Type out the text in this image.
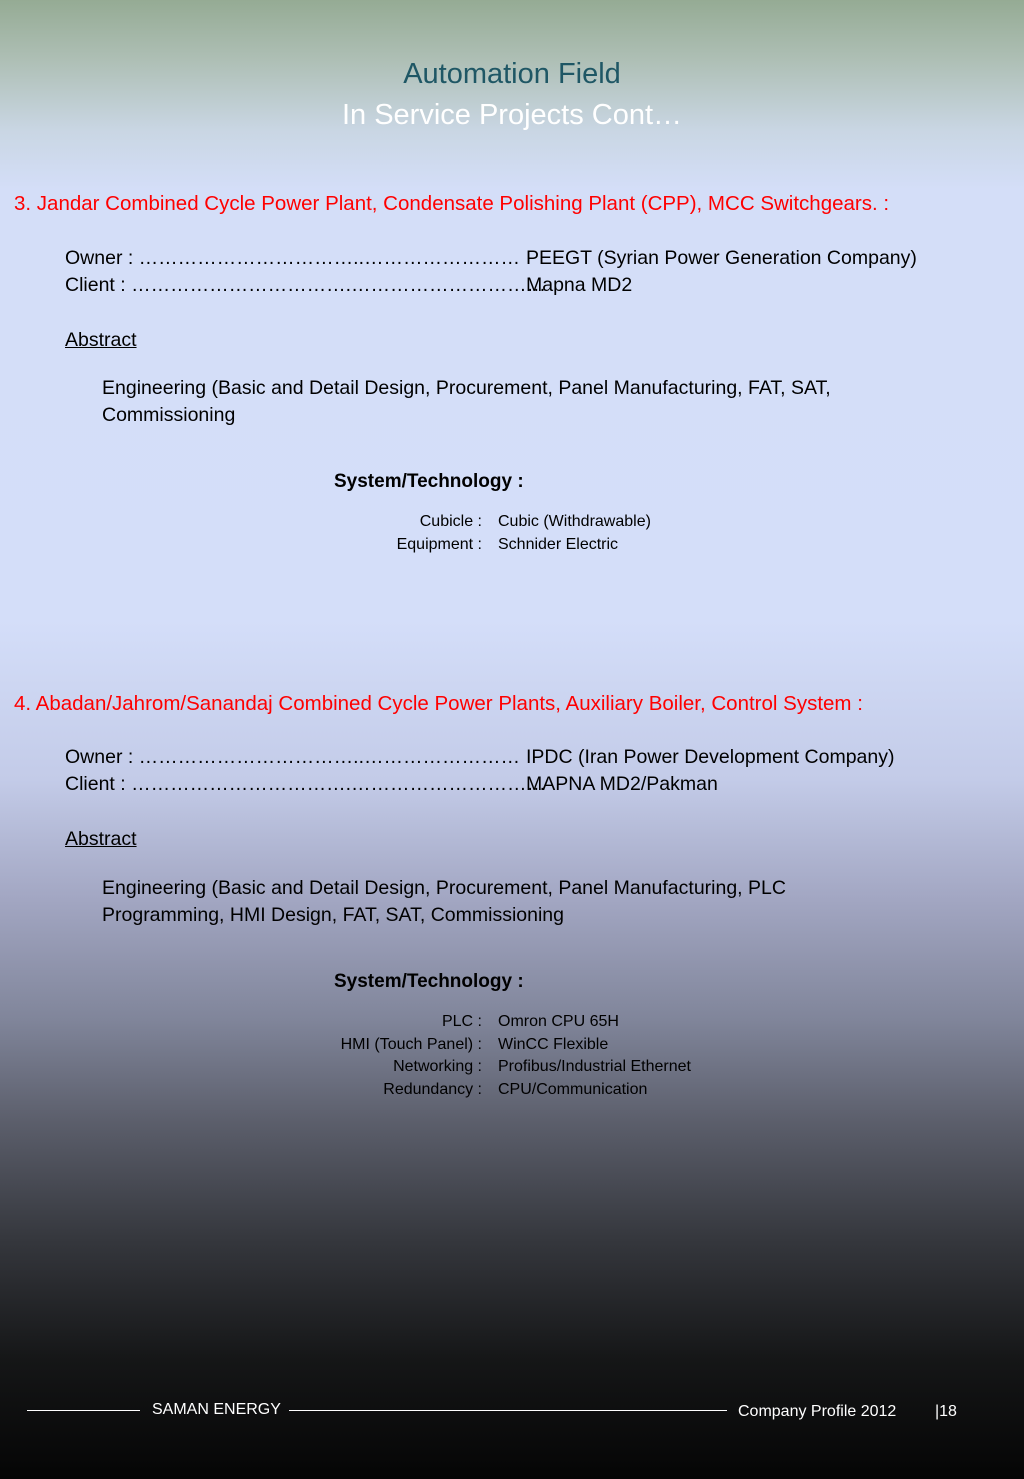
Automation Field
In Service Projects Cont…
3. Jandar Combined Cycle Power Plant, Condensate Polishing Plant (CPP), MCC Switchgears. :
Owner : ……………………………..…………………… PEEGT (Syrian Power Generation Company)
Client : …………………………….…………………………
Mapna MD2
Abstract
Engineering (Basic and Detail Design, Procurement, Panel Manufacturing, FAT, SAT, Commissioning
System/Technology :
Cubicle : Cubic (Withdrawable)
Equipment : Schnider Electric
4. Abadan/Jahrom/Sanandaj Combined Cycle Power Plants, Auxiliary Boiler, Control System :
Owner : ……………………………..…………………… IPDC (Iran Power Development Company)
Client : …………………………….…………………………
MAPNA MD2/Pakman
Abstract
Engineering (Basic and Detail Design, Procurement, Panel Manufacturing, PLC Programming, HMI Design, FAT, SAT, Commissioning
System/Technology :
PLC : Omron CPU 65H
HMI (Touch Panel) : WinCC Flexible
Networking : Profibus/Industrial Ethernet
Redundancy : CPU/Communication
SAMAN ENERGY	Company Profile 2012 |18
